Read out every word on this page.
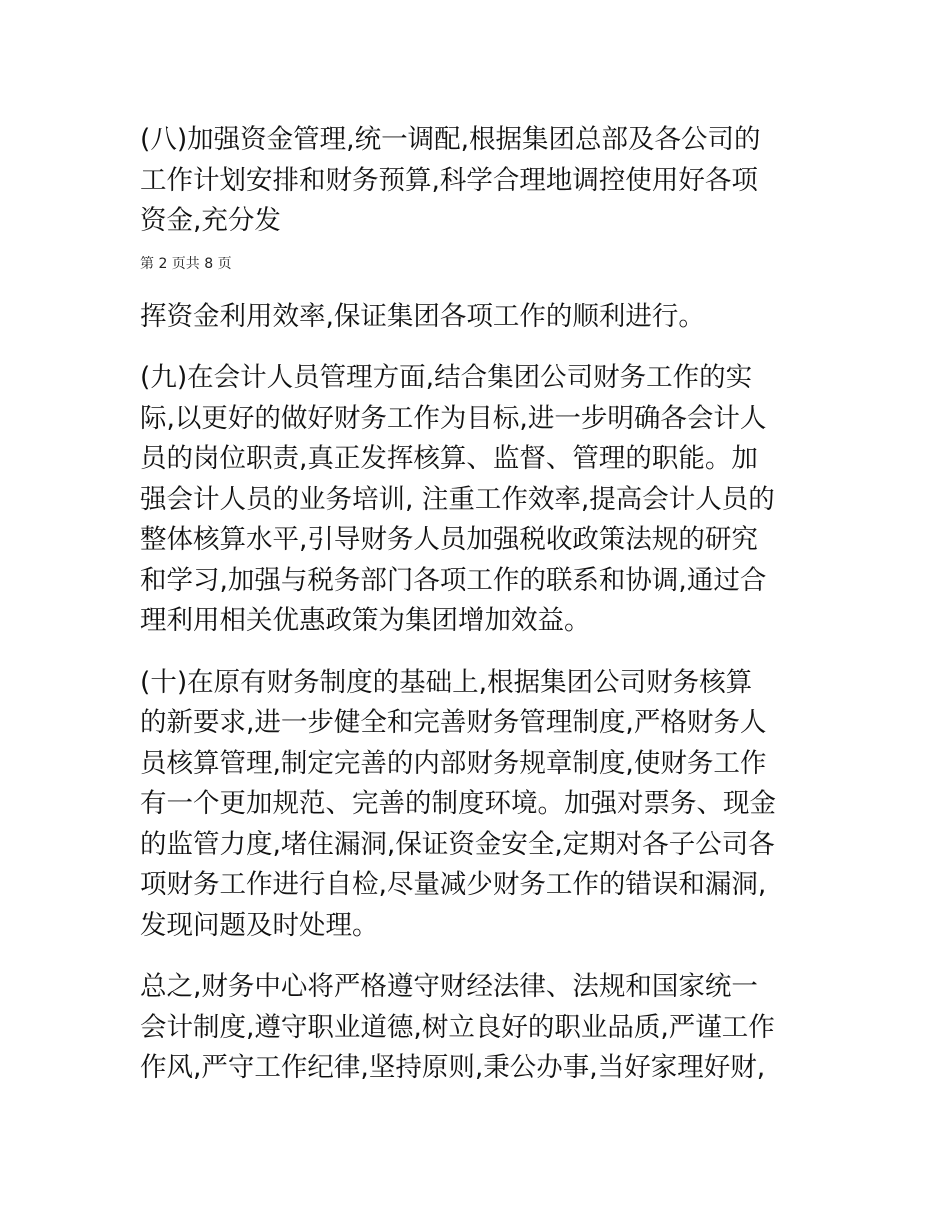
(八)加强资金管理,统一调配,根据集团总部及各公司的
工作计划安排和财务预算,科学合理地调控使用好各项
资金,充分发

第 2 页共 8 页

挥资金利用效率,保证集团各项工作的顺利进行。

(九)在会计人员管理方面,结合集团公司财务工作的实
际,以更好的做好财务工作为目标,进一步明确各会计人
员的岗位职责,真正发挥核算、监督、管理的职能。加
强会计人员的业务培训, 注重工作效率,提高会计人员的
整体核算水平,引导财务人员加强税收政策法规的研究
和学习,加强与税务部门各项工作的联系和协调,通过合
理利用相关优惠政策为集团增加效益。

(十)在原有财务制度的基础上,根据集团公司财务核算
的新要求,进一步健全和完善财务管理制度,严格财务人
员核算管理,制定完善的内部财务规章制度,使财务工作
有一个更加规范、完善的制度环境。加强对票务、现金
的监管力度,堵住漏洞,保证资金安全,定期对各子公司各
项财务工作进行自检,尽量减少财务工作的错误和漏洞,
发现问题及时处理。

总之,财务中心将严格遵守财经法律、法规和国家统一
会计制度,遵守职业道德,树立良好的职业品质,严谨工作
作风,严守工作纪律,坚持原则,秉公办事,当好家理好财,
